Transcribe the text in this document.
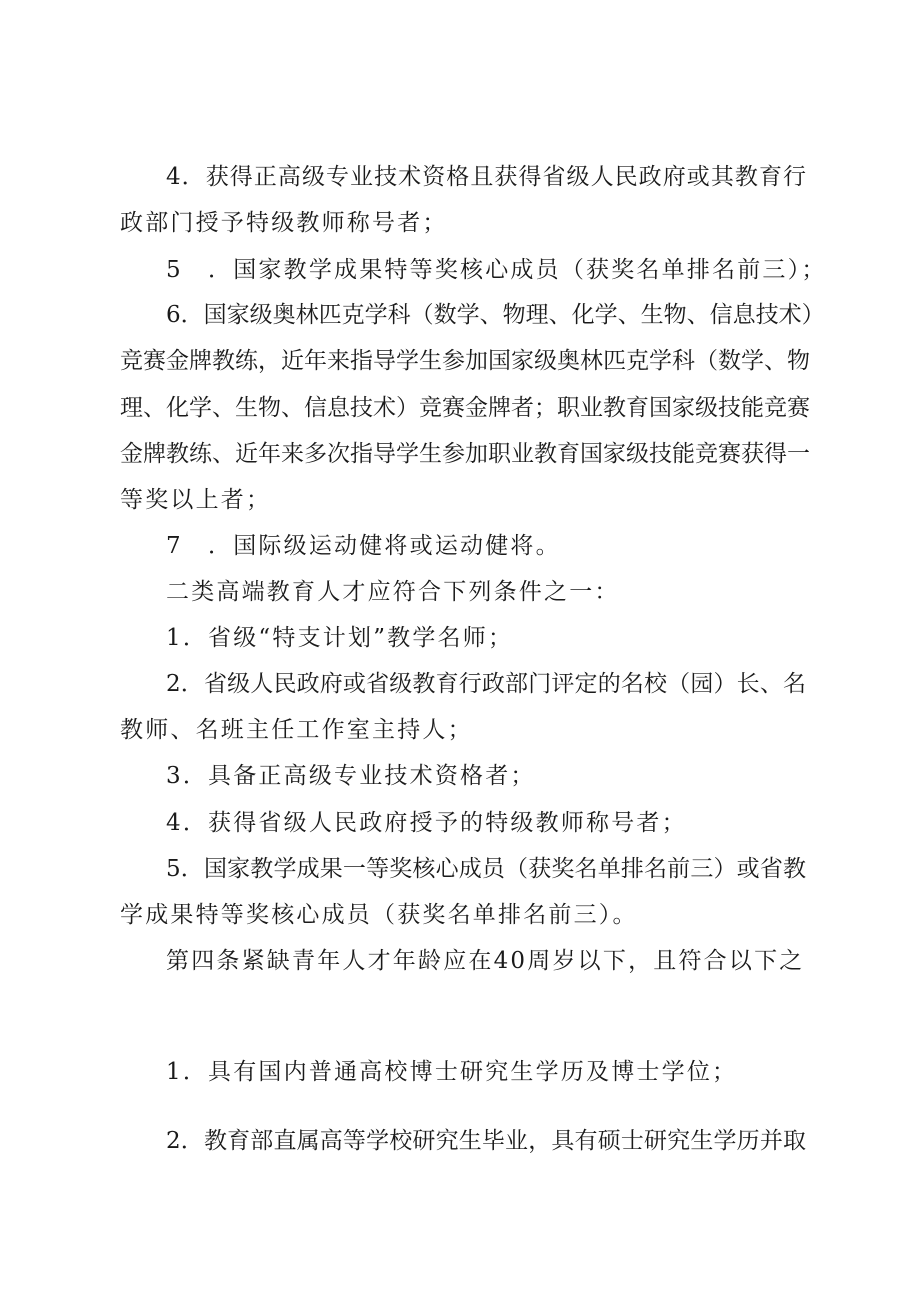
4．获得正高级专业技术资格且获得省级人民政府或其教育行
政部门授予特级教师称号者；
5　．国家教学成果特等奖核心成员（获奖名单排名前三）；
6．国家级奥林匹克学科（数学、物理、化学、生物、信息技术）
竞赛金牌教练，近年来指导学生参加国家级奥林匹克学科（数学、物
理、化学、生物、信息技术）竞赛金牌者；职业教育国家级技能竞赛
金牌教练、近年来多次指导学生参加职业教育国家级技能竞赛获得一
等奖以上者；
7　．国际级运动健将或运动健将。
二类高端教育人才应符合下列条件之一：
1．省级“特支计划”教学名师；
2．省级人民政府或省级教育行政部门评定的名校（园）长、名
教师、名班主任工作室主持人；
3．具备正高级专业技术资格者；
4．获得省级人民政府授予的特级教师称号者；
5．国家教学成果一等奖核心成员（获奖名单排名前三）或省教
学成果特等奖核心成员（获奖名单排名前三）。
第四条紧缺青年人才年龄应在40周岁以下，且符合以下之
1．具有国内普通高校博士研究生学历及博士学位；
2．教育部直属高等学校研究生毕业，具有硕士研究生学历并取
